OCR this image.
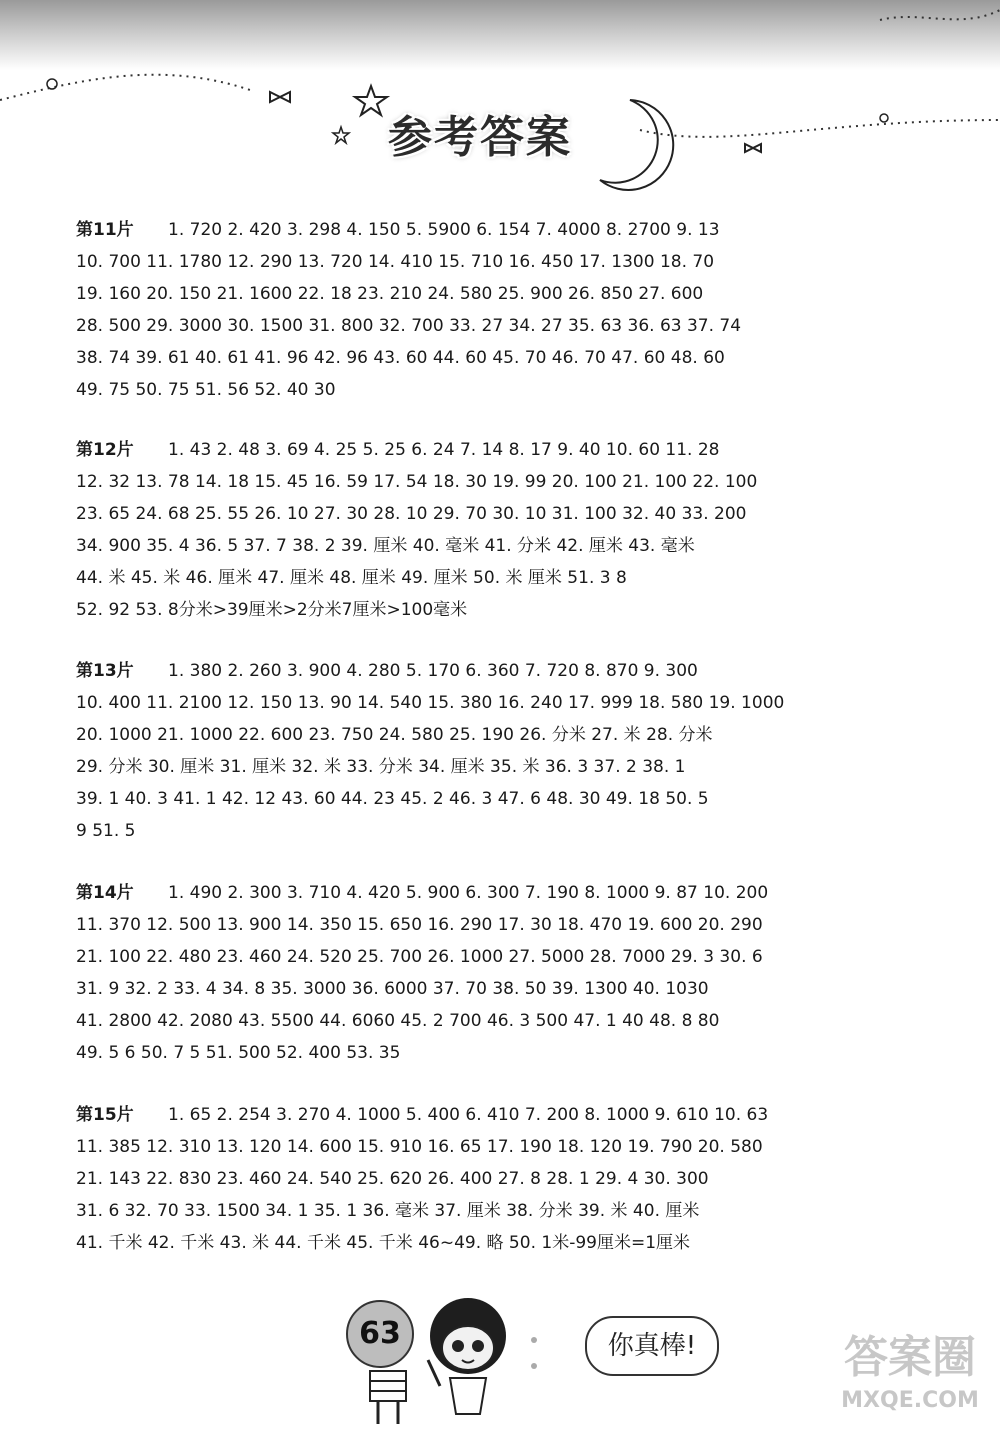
参考答案
第11片 1. 720 2. 420 3. 298 4. 150 5. 5900 6. 154 7. 4000 8. 2700 9. 13
10. 700 11. 1780 12. 290 13. 720 14. 410 15. 710 16. 450 17. 1300 18. 70
19. 160 20. 150 21. 1600 22. 18 23. 210 24. 580 25. 900 26. 850 27. 600
28. 500 29. 3000 30. 1500 31. 800 32. 700 33. 27 34. 27 35. 63 36. 63 37. 74
38. 74 39. 61 40. 61 41. 96 42. 96 43. 60 44. 60 45. 70 46. 70 47. 60 48. 60
49. 75 50. 75 51. 56 52. 40 30
第12片 1. 43 2. 48 3. 69 4. 25 5. 25 6. 24 7. 14 8. 17 9. 40 10. 60 11. 28
12. 32 13. 78 14. 18 15. 45 16. 59 17. 54 18. 30 19. 99 20. 100 21. 100 22. 100
23. 65 24. 68 25. 55 26. 10 27. 30 28. 10 29. 70 30. 10 31. 100 32. 40 33. 200
34. 900 35. 4 36. 5 37. 7 38. 2 39. 厘米 40. 毫米 41. 分米 42. 厘米 43. 毫米
44. 米 45. 米 46. 厘米 47. 厘米 48. 厘米 49. 厘米 50. 米 厘米 51. 3 8
52. 92 53. 8分米>39厘米>2分米7厘米>100毫米
第13片 1. 380 2. 260 3. 900 4. 280 5. 170 6. 360 7. 720 8. 870 9. 300
10. 400 11. 2100 12. 150 13. 90 14. 540 15. 380 16. 240 17. 999 18. 580 19. 1000
20. 1000 21. 1000 22. 600 23. 750 24. 580 25. 190 26. 分米 27. 米 28. 分米
29. 分米 30. 厘米 31. 厘米 32. 米 33. 分米 34. 厘米 35. 米 36. 3 37. 2 38. 1
39. 1 40. 3 41. 1 42. 12 43. 60 44. 23 45. 2 46. 3 47. 6 48. 30 49. 18 50. 5
9 51. 5
第14片 1. 490 2. 300 3. 710 4. 420 5. 900 6. 300 7. 190 8. 1000 9. 87 10. 200
11. 370 12. 500 13. 900 14. 350 15. 650 16. 290 17. 30 18. 470 19. 600 20. 290
21. 100 22. 480 23. 460 24. 520 25. 700 26. 1000 27. 5000 28. 7000 29. 3 30. 6
31. 9 32. 2 33. 4 34. 8 35. 3000 36. 6000 37. 70 38. 50 39. 1300 40. 1030
41. 2800 42. 2080 43. 5500 44. 6060 45. 2 700 46. 3 500 47. 1 40 48. 8 80
49. 5 6 50. 7 5 51. 500 52. 400 53. 35
第15片 1. 65 2. 254 3. 270 4. 1000 5. 400 6. 410 7. 200 8. 1000 9. 610 10. 63
11. 385 12. 310 13. 120 14. 600 15. 910 16. 65 17. 190 18. 120 19. 790 20. 580
21. 143 22. 830 23. 460 24. 540 25. 620 26. 400 27. 8 28. 1 29. 4 30. 300
31. 6 32. 70 33. 1500 34. 1 35. 1 36. 毫米 37. 厘米 38. 分米 39. 米 40. 厘米
41. 千米 42. 千米 43. 米 44. 千米 45. 千米 46~49. 略 50. 1米-99厘米=1厘米
63	你真棒!	答案圈
MXQE.COM
